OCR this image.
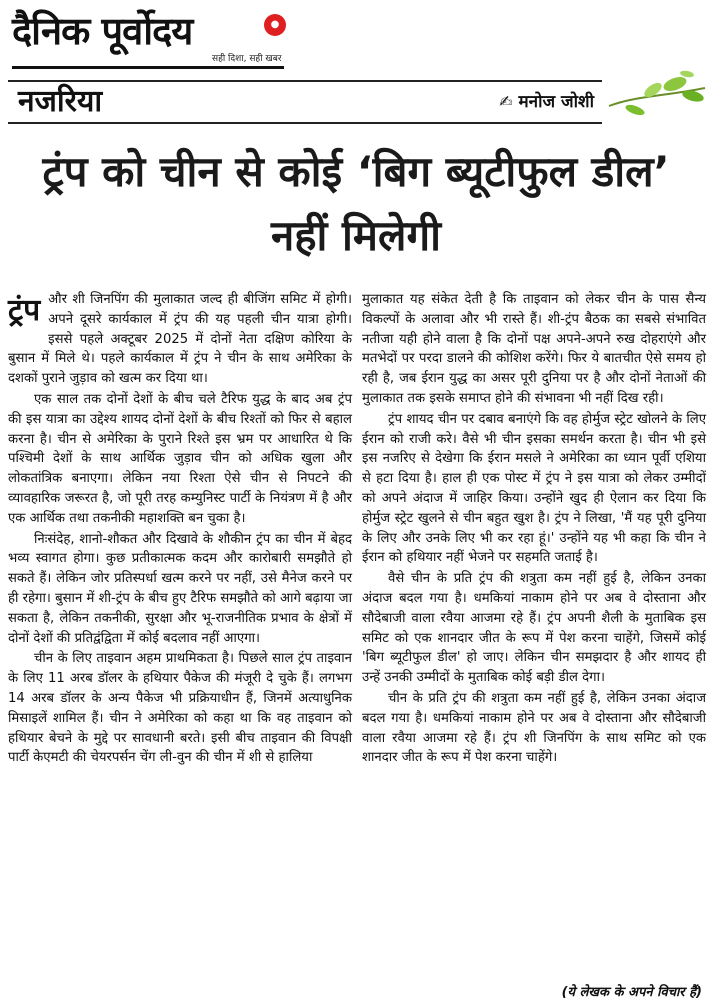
दैनिक पूर्वोदय	●
सही दिशा, सही खबर
नजरिया	✍ मनोज जोशी
ट्रंप को चीन से कोई ‘बिग ब्यूटीफुल डील’ नहीं मिलेगी

ट्रंप और शी जिनपिंग की मुलाकात जल्द ही बीजिंग समिट में होगी। अपने दूसरे कार्यकाल में ट्रंप की यह पहली चीन यात्रा होगी। इससे पहले अक्टूबर 2025 में दोनों नेता दक्षिण कोरिया के बुसान में मिले थे। पहले कार्यकाल में ट्रंप ने चीन के साथ अमेरिका के दशकों पुराने जुड़ाव को खत्म कर दिया था।

एक साल तक दोनों देशों के बीच चले टैरिफ युद्ध के बाद अब ट्रंप की इस यात्रा का उद्देश्य शायद दोनों देशों के बीच रिश्तों को फिर से बहाल करना है। चीन से अमेरिका के पुराने रिश्ते इस भ्रम पर आधारित थे कि पश्चिमी देशों के साथ आर्थिक जुड़ाव चीन को अधिक खुला और लोकतांत्रिक बनाएगा। लेकिन नया रिश्ता ऐसे चीन से निपटने की व्यावहारिक जरूरत है, जो पूरी तरह कम्युनिस्ट पार्टी के नियंत्रण में है और एक आर्थिक तथा तकनीकी महाशक्ति बन चुका है।

निःसंदेह, शानो-शौकत और दिखावे के शौकीन ट्रंप का चीन में बेहद भव्य स्वागत होगा। कुछ प्रतीकात्मक कदम और कारोबारी समझौते हो सकते हैं। लेकिन जोर प्रतिस्पर्धा खत्म करने पर नहीं, उसे मैनेज करने पर ही रहेगा। बुसान में शी-ट्रंप के बीच हुए टैरिफ समझौते को आगे बढ़ाया जा सकता है, लेकिन तकनीकी, सुरक्षा और भू-राजनीतिक प्रभाव के क्षेत्रों में दोनों देशों की प्रतिद्वंद्विता में कोई बदलाव नहीं आएगा।

चीन के लिए ताइवान अहम प्राथमिकता है। पिछले साल ट्रंप ताइवान के लिए 11 अरब डॉलर के हथियार पैकेज की मंजूरी दे चुके हैं। लगभग 14 अरब डॉलर के अन्य पैकेज भी प्रक्रियाधीन हैं, जिनमें अत्याधुनिक मिसाइलें शामिल हैं। चीन ने अमेरिका को कहा था कि वह ताइवान को हथियार बेचने के मुद्दे पर सावधानी बरते। इसी बीच ताइवान की विपक्षी पार्टी केएमटी की चेयरपर्सन चेंग ली-वुन की चीन में शी से हालिया

मुलाकात यह संकेत देती है कि ताइवान को लेकर चीन के पास सैन्य विकल्पों के अलावा और भी रास्ते हैं। शी-ट्रंप बैठक का सबसे संभावित नतीजा यही होने वाला है कि दोनों पक्ष अपने-अपने रुख दोहराएंगे और मतभेदों पर परदा डालने की कोशिश करेंगे। फिर ये बातचीत ऐसे समय हो रही है, जब ईरान युद्ध का असर पूरी दुनिया पर है और दोनों नेताओं की मुलाकात तक इसके समाप्त होने की संभावना भी नहीं दिख रही।

ट्रंप शायद चीन पर दबाव बनाएंगे कि वह होर्मुज स्ट्रेट खोलने के लिए ईरान को राजी करे। वैसे भी चीन इसका समर्थन करता है। चीन भी इसे इस नजरिए से देखेगा कि ईरान मसले ने अमेरिका का ध्यान पूर्वी एशिया से हटा दिया है। हाल ही एक पोस्ट में ट्रंप ने इस यात्रा को लेकर उम्मीदों को अपने अंदाज में जाहिर किया। उन्होंने खुद ही ऐलान कर दिया कि होर्मुज स्ट्रेट खुलने से चीन बहुत खुश है। ट्रंप ने लिखा, 'मैं यह पूरी दुनिया के लिए और उनके लिए भी कर रहा हूं।' उन्होंने यह भी कहा कि चीन ने ईरान को हथियार नहीं भेजने पर सहमति जताई है।

वैसे चीन के प्रति ट्रंप की शत्रुता कम नहीं हुई है, लेकिन उनका अंदाज बदल गया है। धमकियां नाकाम होने पर अब वे दोस्ताना और सौदेबाजी वाला रवैया आजमा रहे हैं। ट्रंप अपनी शैली के मुताबिक इस समिट को एक शानदार जीत के रूप में पेश करना चाहेंगे, जिसमें कोई 'बिग ब्यूटीफुल डील' हो जाए। लेकिन चीन समझदार है और शायद ही उन्हें उनकी उम्मीदों के मुताबिक कोई बड़ी डील देगा।

चीन के प्रति ट्रंप की शत्रुता कम नहीं हुई है, लेकिन उनका अंदाज बदल गया है। धमकियां नाकाम होने पर अब वे दोस्ताना और सौदेबाजी वाला रवैया आजमा रहे हैं। ट्रंप शी जिनपिंग के साथ समिट को एक शानदार जीत के रूप में पेश करना चाहेंगे।

(ये लेखक के अपने विचार हैं)
